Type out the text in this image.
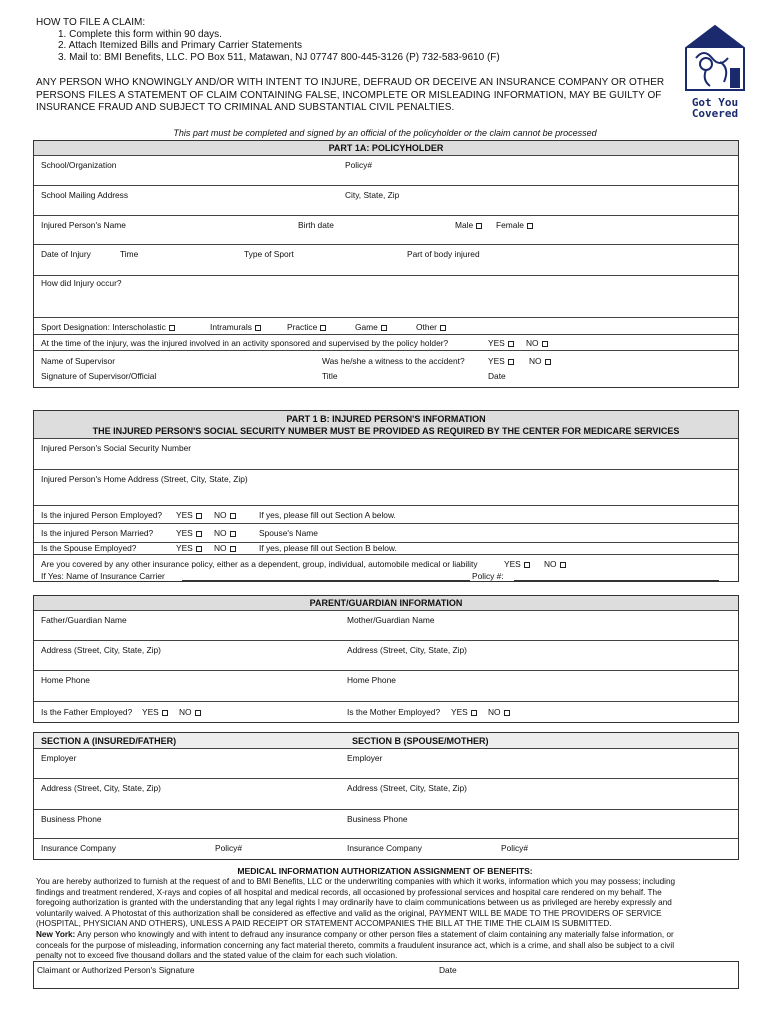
HOW TO FILE A CLAIM:
1. Complete this form within 90 days.
2. Attach Itemized Bills and Primary Carrier Statements
3. Mail to: BMI Benefits, LLC. PO Box 511, Matawan, NJ 07747 800-445-3126 (P) 732-583-9610 (F)
ANY PERSON WHO KNOWINGLY AND/OR WITH INTENT TO INJURE, DEFRAUD OR DECEIVE AN INSURANCE COMPANY OR OTHER
PERSONS FILES A STATEMENT OF CLAIM CONTAINING FALSE, INCOMPLETE OR MISLEADING INFORMATION, MAY BE GUILTY OF
INSURANCE FRAUD AND SUBJECT TO CRIMINAL AND SUBSTANTIAL CIVIL PENALTIES.	Got You
Covered
This part must be completed and signed by an official of the policyholder or the claim cannot be processed
PART 1A: POLICYHOLDER
School/Organization	Policy#
School Mailing Address	City, State, Zip
Injured Person's Name	Birth date	Male	Female
Date of Injury	Time	Type of Sport	Part of body injured
How did Injury occur?
Sport Designation: Interscholastic	Intramurals	Practice	Game	Other
At the time of the injury, was the injured involved in an activity sponsored and supervised by the policy holder?	YES	NO
Name of Supervisor	Was he/she a witness to the accident?	YES	NO
Signature of Supervisor/Official	Title	Date
PART 1 B: INJURED PERSON'S INFORMATION
THE INJURED PERSON'S SOCIAL SECURITY NUMBER MUST BE PROVIDED AS REQUIRED BY THE CENTER FOR MEDICARE SERVICES
Injured Person's Social Security Number
Injured Person's Home Address (Street, City, State, Zip)
Is the injured Person Employed? YES	NO	If yes, please fill out Section A below.
Is the injured Person Married?	YES	NO	Spouse's Name
Is the Spouse Employed?	YES	NO	If yes, please fill out Section B below.
Are you covered by any other insurance policy, either as a dependent, group, individual, automobile medical or liability	YES	NO
If Yes: Name of Insurance Carrier	Policy #:
PARENT/GUARDIAN INFORMATION
Father/Guardian Name	Mother/Guardian Name
Address (Street, City, State, Zip)	Address (Street, City, State, Zip)
Home Phone	Home Phone
Is the Father Employed? YES	NO	Is the Mother Employed? YES	NO
SECTION A (INSURED/FATHER)	SECTION B (SPOUSE/MOTHER)
Employer	Employer
Address (Street, City, State, Zip)	Address (Street, City, State, Zip)
Business Phone	Business Phone
Insurance Company	Policy#	Insurance Company	Policy#
MEDICAL INFORMATION AUTHORIZATION ASSIGNMENT OF BENEFITS:
You are hereby authorized to furnish at the request of and to BMI Benefits, LLC or the underwriting companies with which it works, information which you may possess; including
findings and treatment rendered, X-rays and copies of all hospital and medical records, all occasioned by professional services and hospital care rendered on my behalf. The
foregoing authorization is granted with the understanding that any legal rights I may ordinarily have to claim communications between us as privileged are hereby expressly and
voluntarily waived. A Photostat of this authorization shall be considered as effective and valid as the original, PAYMENT WILL BE MADE TO THE PROVIDERS OF SERVICE
(HOSPITAL, PHYSICIAN AND OTHERS), UNLESS A PAID RECEIPT OR STATEMENT ACCOMPANIES THE BILL AT THE TIME THE CLAIM IS SUBMITTED.
New York: Any person who knowingly and with intent to defraud any insurance company or other person files a statement of claim containing any materially false information, or
conceals for the purpose of misleading, information concerning any fact material thereto, commits a fraudulent insurance act, which is a crime, and shall also be subject to a civil
penalty not to exceed five thousand dollars and the stated value of the claim for each such violation.
Claimant or Authorized Person's Signature	Date
